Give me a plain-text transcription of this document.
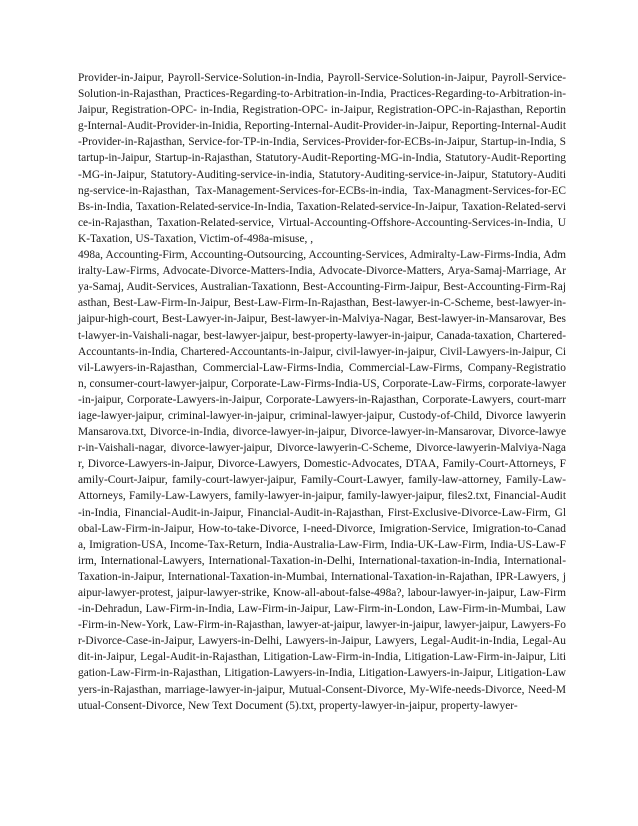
Provider-in-Jaipur, Payroll-Service-Solution-in-India, Payroll-Service-Solution-in-Jaipur, Payroll-Service-Solution-in-Rajasthan, Practices-Regarding-to-Arbitration-in-India, Practices-Regarding-to-Arbitration-in-Jaipur, Registration-OPC- in-India, Registration-OPC- in-Jaipur, Registration-OPC-in-Rajasthan, Reporting-Internal-Audit-Provider-in-Inidia, Reporting-Internal-Audit-Provider-in-Jaipur, Reporting-Internal-Audit-Provider-in-Rajasthan, Service-for-TP-in-India, Services-Provider-for-ECBs-in-Jaipur, Startup-in-India, Startup-in-Jaipur, Startup-in-Rajasthan, Statutory-Audit-Reporting-MG-in-India, Statutory-Audit-Reporting-MG-in-Jaipur, Statutory-Auditing-service-in-india, Statutory-Auditing-service-in-Jaipur, Statutory-Auditing-service-in-Rajasthan, Tax-Management-Services-for-ECBs-in-india, Tax-Managment-Services-for-ECBs-in-India, Taxation-Related-service-In-India, Taxation-Related-service-In-Jaipur, Taxation-Related-service-in-Rajasthan, Taxation-Related-service, Virtual-Accounting-Offshore-Accounting-Services-in-India, UK-Taxation, US-Taxation, Victim-of-498a-misuse, ,

498a, Accounting-Firm, Accounting-Outsourcing, Accounting-Services, Admiralty-Law-Firms-India, Admiralty-Law-Firms, Advocate-Divorce-Matters-India, Advocate-Divorce-Matters, Arya-Samaj-Marriage, Arya-Samaj, Audit-Services, Australian-Taxationn, Best-Accounting-Firm-Jaipur, Best-Accounting-Firm-Rajasthan, Best-Law-Firm-In-Jaipur, Best-Law-Firm-In-Rajasthan, Best-lawyer-in-C-Scheme, best-lawyer-in-jaipur-high-court, Best-Lawyer-in-Jaipur, Best-lawyer-in-Malviya-Nagar, Best-lawyer-in-Mansarovar, Best-lawyer-in-Vaishali-nagar, best-lawyer-jaipur, best-property-lawyer-in-jaipur, Canada-taxation, Chartered-Accountants-in-India, Chartered-Accountants-in-Jaipur, civil-lawyer-in-jaipur, Civil-Lawyers-in-Jaipur, Civil-Lawyers-in-Rajasthan, Commercial-Law-Firms-India, Commercial-Law-Firms, Company-Registration, consumer-court-lawyer-jaipur, Corporate-Law-Firms-India-US, Corporate-Law-Firms, corporate-lawyer-in-jaipur, Corporate-Lawyers-in-Jaipur, Corporate-Lawyers-in-Rajasthan, Corporate-Lawyers, court-marriage-lawyer-jaipur, criminal-lawyer-in-jaipur, criminal-lawyer-jaipur, Custody-of-Child, Divorce lawyerin Mansarova.txt, Divorce-in-India, divorce-lawyer-in-jaipur, Divorce-lawyer-in-Mansarovar, Divorce-lawyer-in-Vaishali-nagar, divorce-lawyer-jaipur, Divorce-lawyerin-C-Scheme, Divorce-lawyerin-Malviya-Nagar, Divorce-Lawyers-in-Jaipur, Divorce-Lawyers, Domestic-Advocates, DTAA, Family-Court-Attorneys, Family-Court-Jaipur, family-court-lawyer-jaipur, Family-Court-Lawyer, family-law-attorney, Family-Law-Attorneys, Family-Law-Lawyers, family-lawyer-in-jaipur, family-lawyer-jaipur, files2.txt, Financial-Audit-in-India, Financial-Audit-in-Jaipur, Financial-Audit-in-Rajasthan, First-Exclusive-Divorce-Law-Firm, Global-Law-Firm-in-Jaipur, How-to-take-Divorce, I-need-Divorce, Imigration-Service, Imigration-to-Canada, Imigration-USA, Income-Tax-Return, India-Australia-Law-Firm, India-UK-Law-Firm, India-US-Law-Firm, International-Lawyers, International-Taxation-in-Delhi, International-taxation-in-India, International-Taxation-in-Jaipur, International-Taxation-in-Mumbai, International-Taxation-in-Rajathan, IPR-Lawyers, jaipur-lawyer-protest, jaipur-lawyer-strike, Know-all-about-false-498a?, labour-lawyer-in-jaipur, Law-Firm-in-Dehradun, Law-Firm-in-India, Law-Firm-in-Jaipur, Law-Firm-in-London, Law-Firm-in-Mumbai, Law-Firm-in-New-York, Law-Firm-in-Rajasthan, lawyer-at-jaipur, lawyer-in-jaipur, lawyer-jaipur, Lawyers-For-Divorce-Case-in-Jaipur, Lawyers-in-Delhi, Lawyers-in-Jaipur, Lawyers, Legal-Audit-in-India, Legal-Audit-in-Jaipur, Legal-Audit-in-Rajasthan, Litigation-Law-Firm-in-India, Litigation-Law-Firm-in-Jaipur, Litigation-Law-Firm-in-Rajasthan, Litigation-Lawyers-in-India, Litigation-Lawyers-in-Jaipur, Litigation-Lawyers-in-Rajasthan, marriage-lawyer-in-jaipur, Mutual-Consent-Divorce, My-Wife-needs-Divorce, Need-Mutual-Consent-Divorce, New Text Document (5).txt, property-lawyer-in-jaipur, property-lawyer-
